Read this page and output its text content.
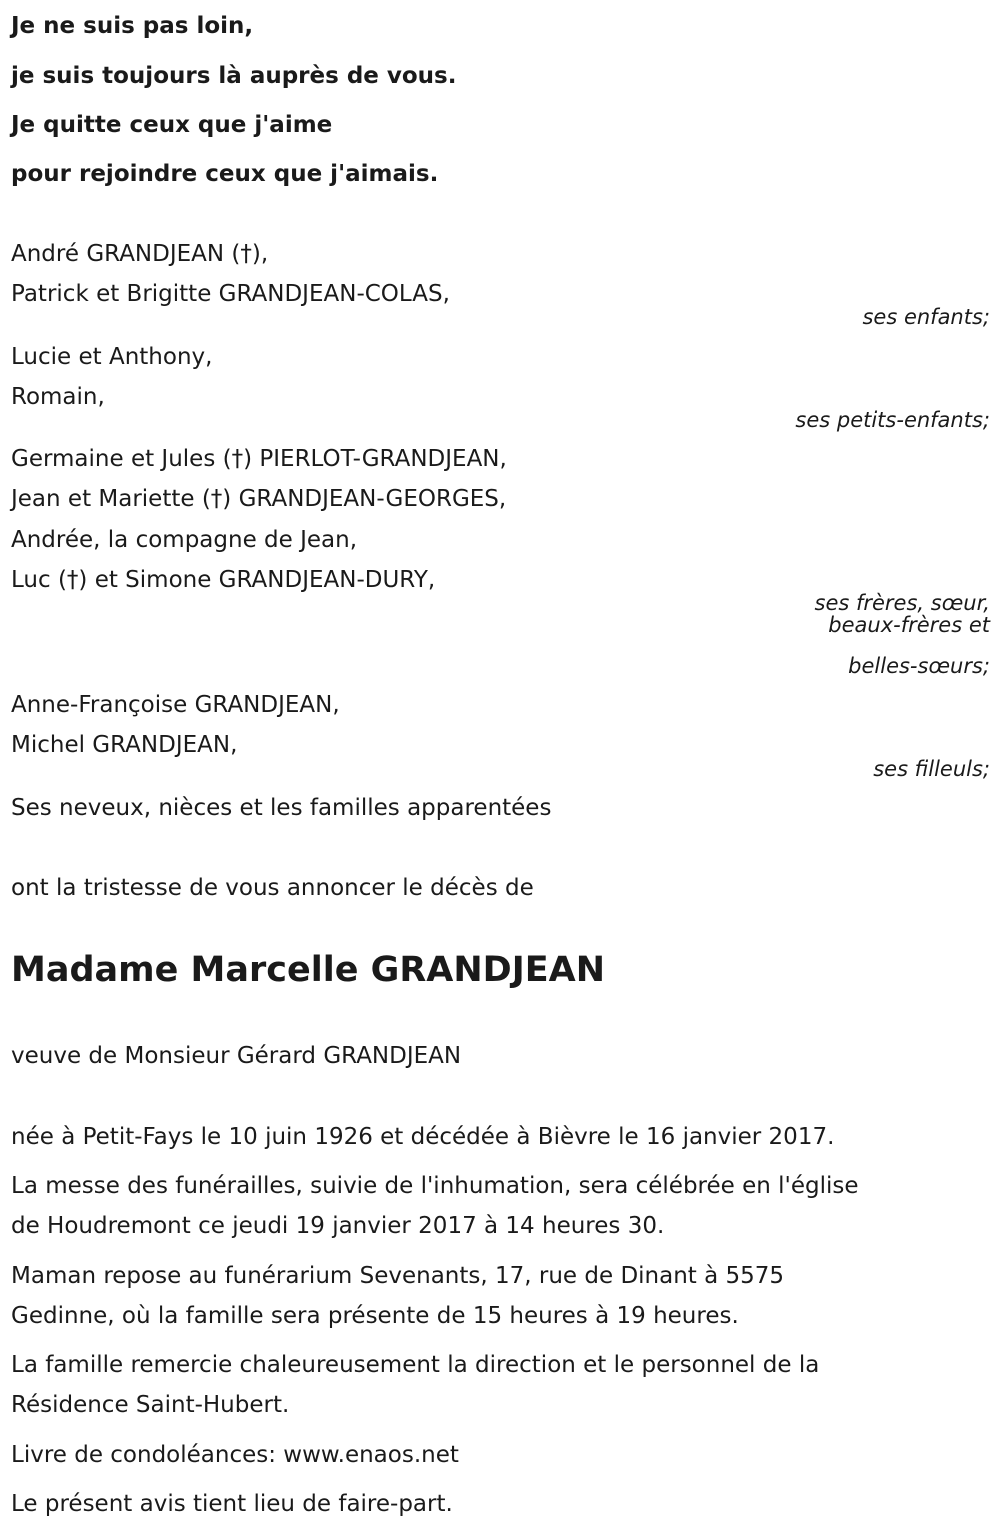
Je ne suis pas loin,
je suis toujours là auprès de vous.
Je quitte ceux que j'aime
pour rejoindre ceux que j'aimais.
André GRANDJEAN (†),
Patrick et Brigitte GRANDJEAN-COLAS,
ses enfants;
Lucie et Anthony,
Romain,
ses petits-enfants;
Germaine et Jules (†) PIERLOT-GRANDJEAN,
Jean et Mariette (†) GRANDJEAN-GEORGES,
Andrée, la compagne de Jean,
Luc (†) et Simone GRANDJEAN-DURY,
ses frères, sœur,
beaux-frères et
belles-sœurs;
Anne-Françoise GRANDJEAN,
Michel GRANDJEAN,
ses filleuls;
Ses neveux, nièces et les familles apparentées
ont la tristesse de vous annoncer le décès de
Madame Marcelle GRANDJEAN
veuve de Monsieur Gérard GRANDJEAN
née à Petit-Fays le 10 juin 1926 et décédée à Bièvre le 16 janvier 2017.
La messe des funérailles, suivie de l'inhumation, sera célébrée en l'église
de Houdremont ce jeudi 19 janvier 2017 à 14 heures 30.
Maman repose au funérarium Sevenants, 17, rue de Dinant à 5575
Gedinne, où la famille sera présente de 15 heures à 19 heures.
La famille remercie chaleureusement la direction et le personnel de la
Résidence Saint-Hubert.
Livre de condoléances: www.enaos.net
Le présent avis tient lieu de faire-part.
